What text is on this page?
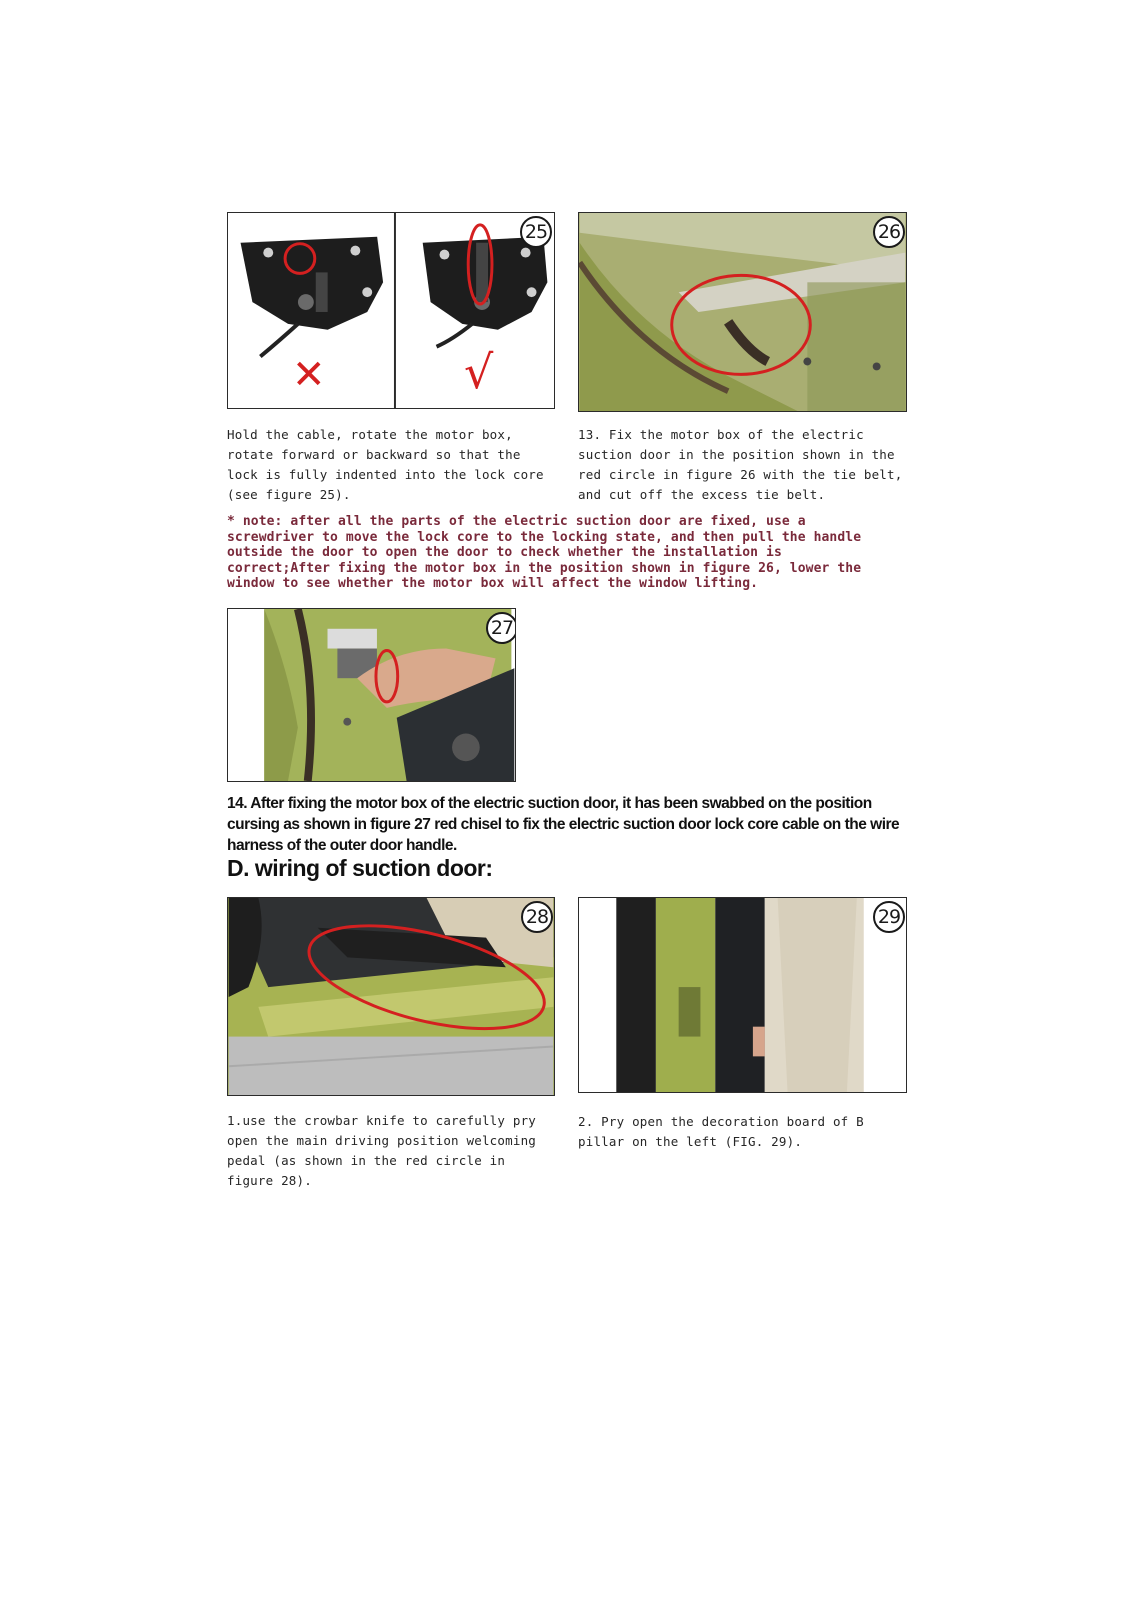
25
✕	√
26
Hold the cable, rotate the motor box, rotate forward or backward so that the lock is fully indented into the lock core (see figure 25).
13. Fix the motor box of the electric suction door in the position shown in the red circle in figure 26 with the tie belt, and cut off the excess tie belt.
* note: after all the parts of the electric suction door are fixed, use a screwdriver to move the lock core to the locking state, and then pull the handle outside the door to open the door to check whether the installation is correct;After fixing the motor box in the position shown in figure 26, lower the window to see whether the motor box will affect the window lifting.
27
14. After fixing the motor box of the electric suction door, it has been swabbed on the position cursing as shown in figure 27 red chisel to fix the electric suction door lock core cable on the wire harness of the outer door handle.
D. wiring of suction door:
28	29
1.use the crowbar knife to carefully pry open the main driving position welcoming pedal (as shown in the red circle in figure 28).
2. Pry open the decoration board of B pillar on the left (FIG. 29).
